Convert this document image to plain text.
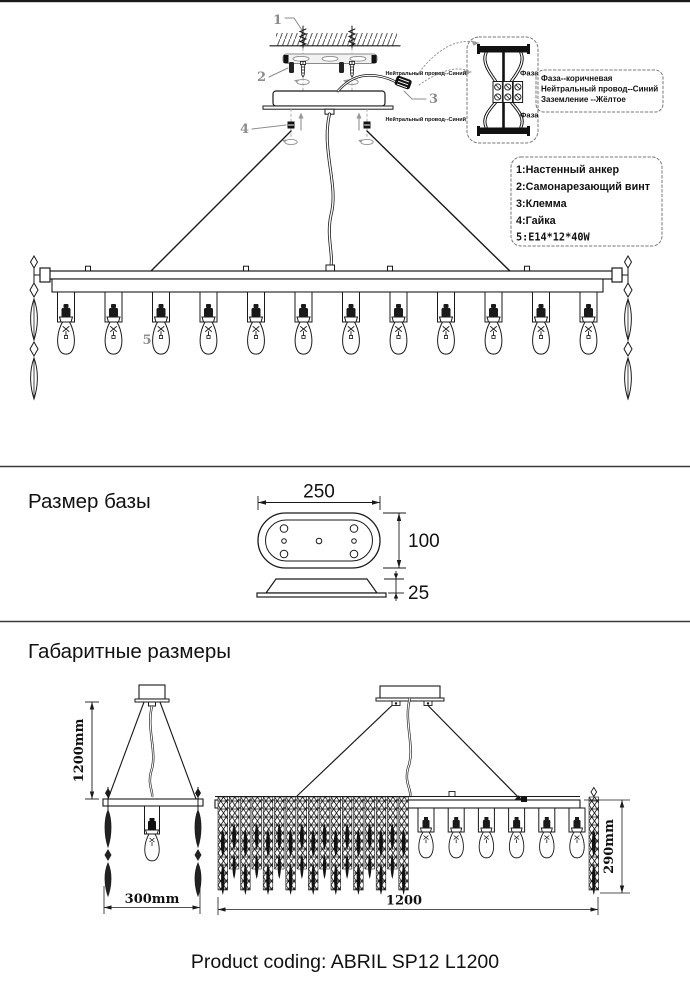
1
2
3
4
5
Нейтральный провод--Синий
Нейтральный провод--Синий
Фаза
Фаза
Фаза--коричневая
Нейтральный провод--Синий
Заземление --Жёлтое
1:Настенный анкер
2:Самонарезающий винт
3:Клемма
4:Гайка
5:E14*12*40W
Размер базы	250
100
25
Габаритные размеры
1200mm
300mm
290mm
1200
Product coding: ABRIL SP12 L1200
